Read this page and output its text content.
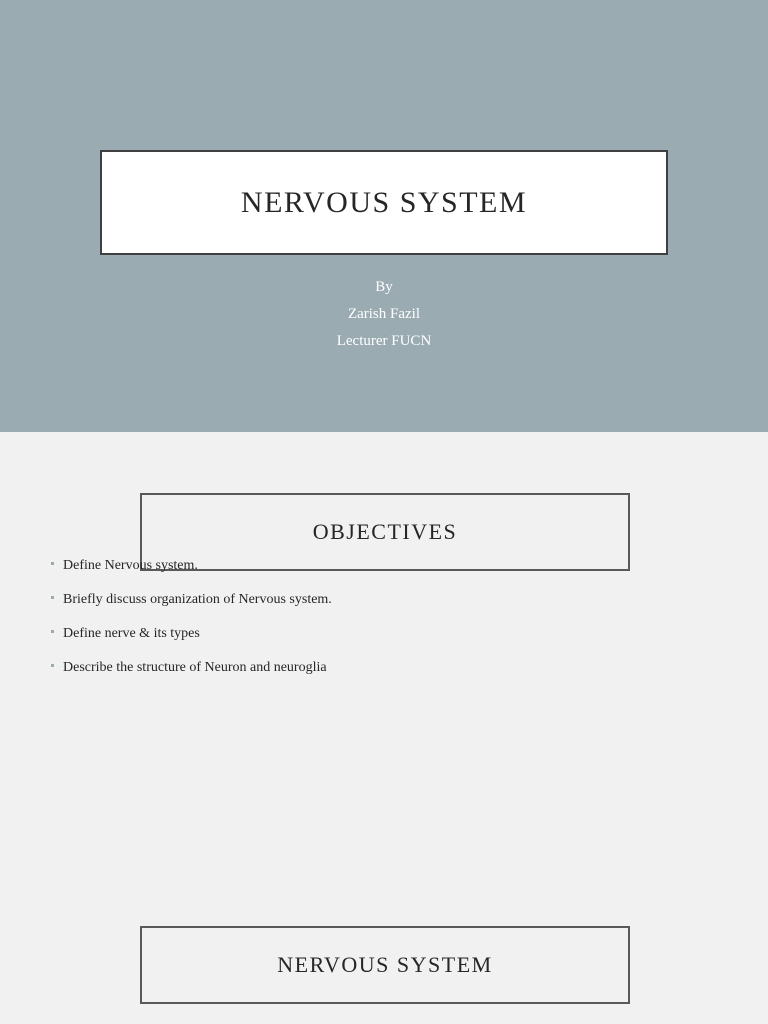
NERVOUS SYSTEM
By
Zarish Fazil
Lecturer FUCN
OBJECTIVES
Define Nervous system.
Briefly discuss organization of Nervous system.
Define nerve & its types
Describe the structure of Neuron and neuroglia
NERVOUS SYSTEM
